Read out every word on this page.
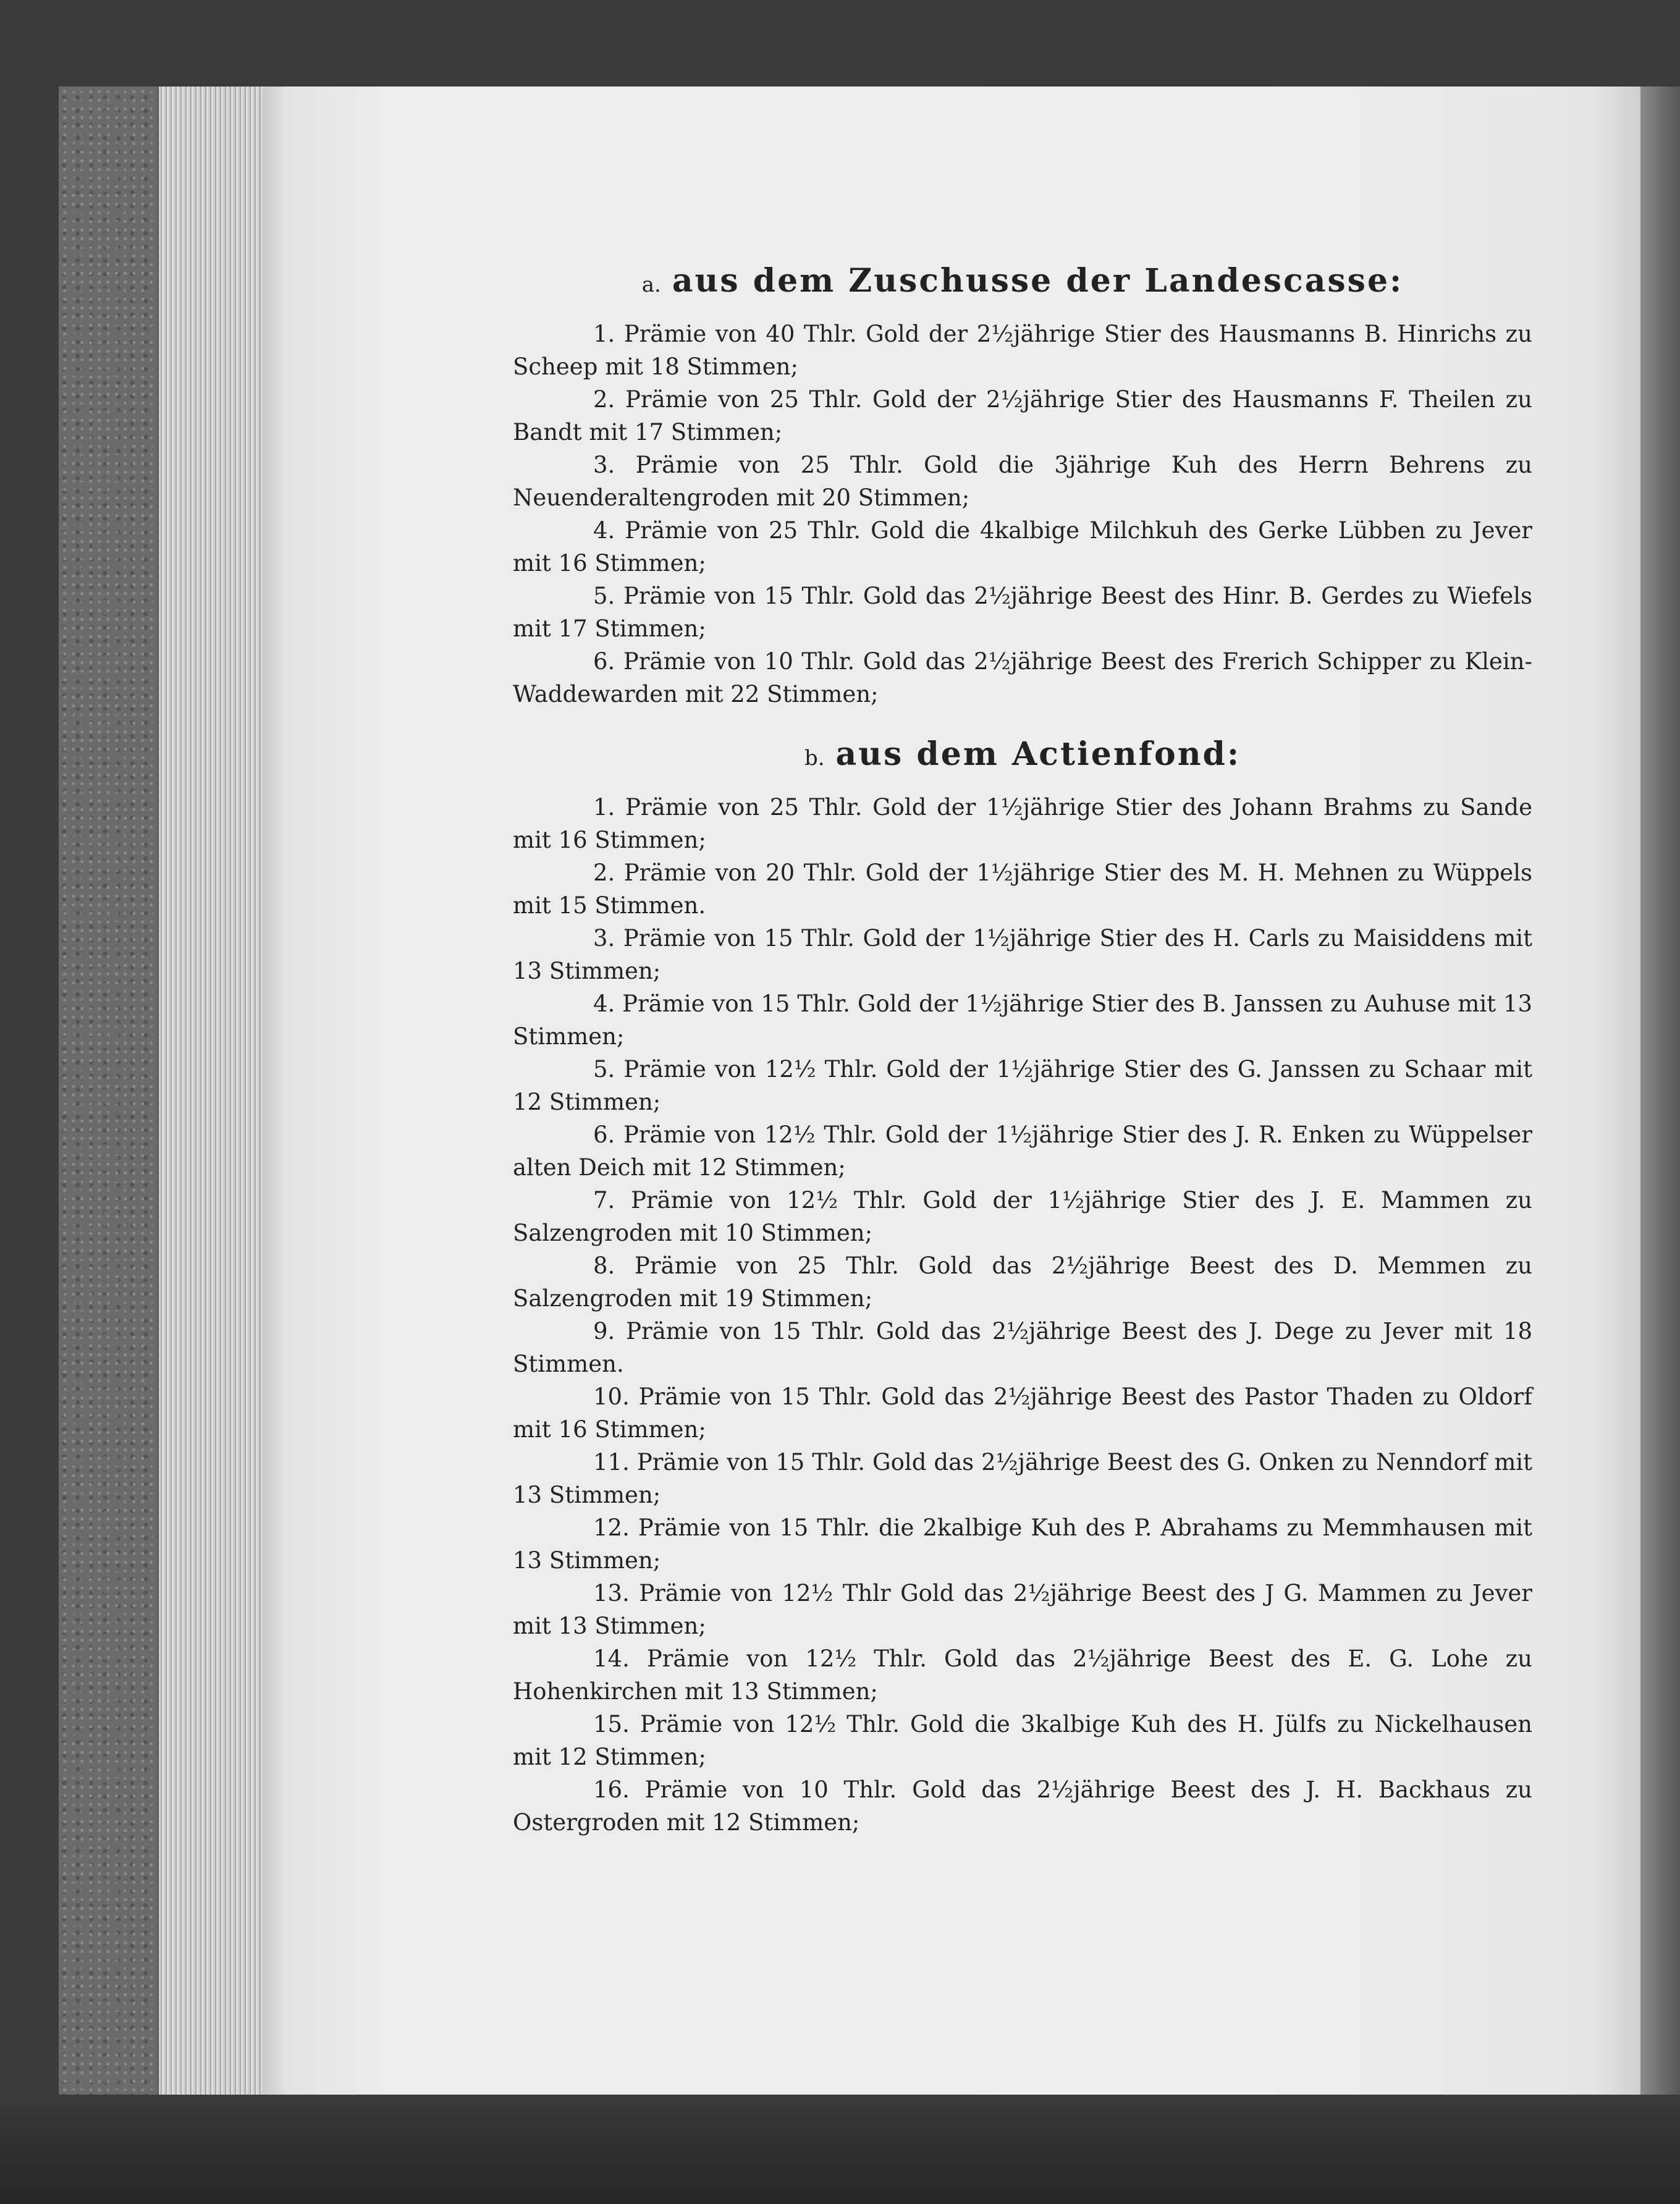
a. aus dem Zuschusse der Landescasse:

1. Prämie von 40 Thlr. Gold der 2½jährige Stier des Hausmanns B. Hinrichs zu Scheep mit 18 Stimmen;

2. Prämie von 25 Thlr. Gold der 2½jährige Stier des Hausmanns F. Theilen zu Bandt mit 17 Stimmen;

3. Prämie von 25 Thlr. Gold die 3jährige Kuh des Herrn Behrens zu Neuenderaltengroden mit 20 Stimmen;

4. Prämie von 25 Thlr. Gold die 4kalbige Milchkuh des Gerke Lübben zu Jever mit 16 Stimmen;

5. Prämie von 15 Thlr. Gold das 2½jährige Beest des Hinr. B. Gerdes zu Wiefels mit 17 Stimmen;

6. Prämie von 10 Thlr. Gold das 2½jährige Beest des Frerich Schipper zu Klein-Waddewarden mit 22 Stimmen;

b. aus dem Actienfond:

1. Prämie von 25 Thlr. Gold der 1½jährige Stier des Johann Brahms zu Sande mit 16 Stimmen;

2. Prämie von 20 Thlr. Gold der 1½jährige Stier des M. H. Mehnen zu Wüppels mit 15 Stimmen.

3. Prämie von 15 Thlr. Gold der 1½jährige Stier des H. Carls zu Maisiddens mit 13 Stimmen;

4. Prämie von 15 Thlr. Gold der 1½jährige Stier des B. Janssen zu Auhuse mit 13 Stimmen;

5. Prämie von 12½ Thlr. Gold der 1½jährige Stier des G. Janssen zu Schaar mit 12 Stimmen;

6. Prämie von 12½ Thlr. Gold der 1½jährige Stier des J. R. Enken zu Wüppelser alten Deich mit 12 Stimmen;

7. Prämie von 12½ Thlr. Gold der 1½jährige Stier des J. E. Mammen zu Salzengroden mit 10 Stimmen;

8. Prämie von 25 Thlr. Gold das 2½jährige Beest des D. Memmen zu Salzengroden mit 19 Stimmen;

9. Prämie von 15 Thlr. Gold das 2½jährige Beest des J. Dege zu Jever mit 18 Stimmen.

10. Prämie von 15 Thlr. Gold das 2½jährige Beest des Pastor Thaden zu Oldorf mit 16 Stimmen;

11. Prämie von 15 Thlr. Gold das 2½jährige Beest des G. Onken zu Nenndorf mit 13 Stimmen;

12. Prämie von 15 Thlr. die 2kalbige Kuh des P. Abrahams zu Memmhausen mit 13 Stimmen;

13. Prämie von 12½ Thlr Gold das 2½jährige Beest des J G. Mammen zu Jever mit 13 Stimmen;

14. Prämie von 12½ Thlr. Gold das 2½jährige Beest des E. G. Lohe zu Hohenkirchen mit 13 Stimmen;

15. Prämie von 12½ Thlr. Gold die 3kalbige Kuh des H. Jülfs zu Nickelhausen mit 12 Stimmen;

16. Prämie von 10 Thlr. Gold das 2½jährige Beest des J. H. Backhaus zu Ostergroden mit 12 Stimmen;
